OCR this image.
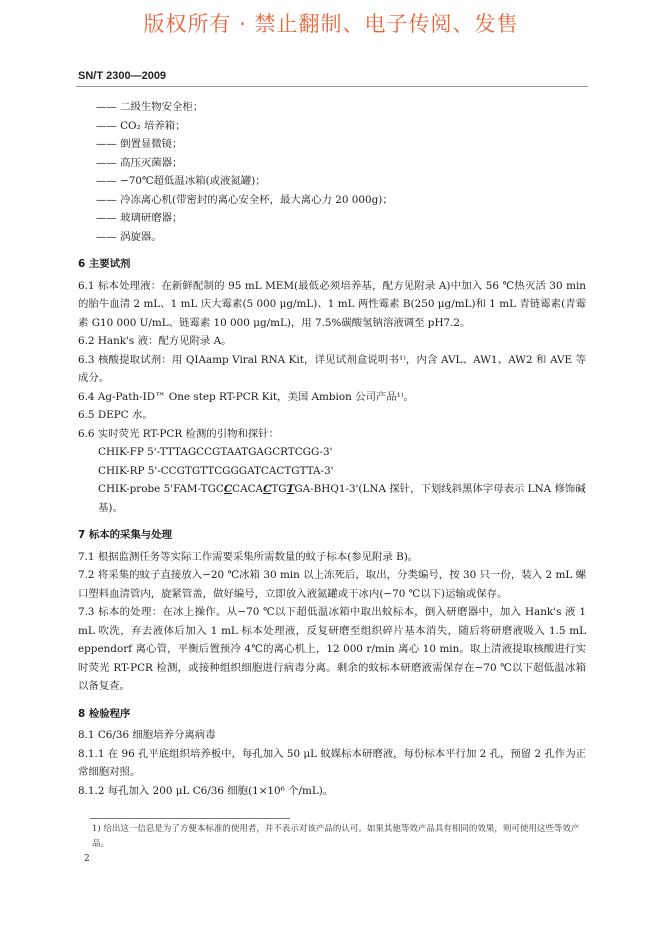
版权所有 · 禁止翻制、电子传阅、发售
SN/T 2300—2009
—— 二级生物安全柜；
—— CO₂ 培养箱；
—— 倒置显微镜；
—— 高压灭菌器；
—— −70℃超低温冰箱(或液氮罐)；
—— 冷冻离心机(带密封的离心安全杯，最大离心力 20 000g)；
—— 玻璃研磨器；
—— 涡旋器。
6 主要试剂
6.1 标本处理液：在新鲜配制的 95 mL MEM(最低必须培养基，配方见附录 A)中加入 56 ℃热灭活 30 min的胎牛血清 2 mL、1 mL 庆大霉素(5 000 μg/mL)、1 mL 两性霉素 B(250 μg/mL)和 1 mL 青链霉素(青霉素 G10 000 U/mL、链霉素 10 000 μg/mL)，用 7.5%碳酸氢钠溶液调至 pH7.2。
6.2 Hank's 液：配方见附录 A。
6.3 核酸提取试剂：用 QIAamp Viral RNA Kit，详见试剂盒说明书¹⁾，内含 AVL、AW1、AW2 和 AVE 等成分。
6.4 Ag-Path-ID™ One step RT-PCR Kit，美国 Ambion 公司产品¹⁾。
6.5 DEPC 水。
6.6 实时荧光 RT-PCR 检测的引物和探针：
CHIK-FP 5'-TTTAGCCGTAATGAGCRTCGG-3'
CHIK-RP 5'-CCGTGTTCGGGATCACTGTTA-3'
CHIK-probe 5'FAM-TGCCCACACTGTGA-BHQ1-3'(LNA 探针，下划线斜黑体字母表示 LNA 修饰碱基)。
7 标本的采集与处理
7.1 根据监测任务等实际工作需要采集所需数量的蚊子标本(参见附录 B)。
7.2 将采集的蚊子直接放入−20 ℃冰箱 30 min 以上冻死后，取出，分类编号，按 30 只一份，装入 2 mL 螺口塑料血清管内，旋紧管盖，做好编号，立即放入液氮罐或干冰内(−70 ℃以下)运输或保存。
7.3 标本的处理：在冰上操作。从−70 ℃以下超低温冰箱中取出蚊标本，倒入研磨器中，加入 Hank's 液 1 mL 吹洗，弃去液体后加入 1 mL 标本处理液，反复研磨至组织碎片基本消失，随后将研磨液吸入 1.5 mL eppendorf 离心管，平衡后置预冷 4℃的离心机上，12 000 r/min 离心 10 min。取上清液提取核酸进行实时荧光 RT-PCR 检测，或接种组织细胞进行病毒分离。剩余的蚊标本研磨液需保存在−70 ℃以下超低温冰箱以备复查。
8 检验程序
8.1 C6/36 细胞培养分离病毒
8.1.1 在 96 孔平底组织培养板中，每孔加入 50 μL 蚊媒标本研磨液，每份标本平行加 2 孔，预留 2 孔作为正常细胞对照。
8.1.2 每孔加入 200 μL C6/36 细胞(1×10⁶ 个/mL)。
1) 给出这一信息是为了方便本标准的使用者，并不表示对该产品的认可。如果其他等效产品具有相同的效果，则可使用这些等效产品。
2
